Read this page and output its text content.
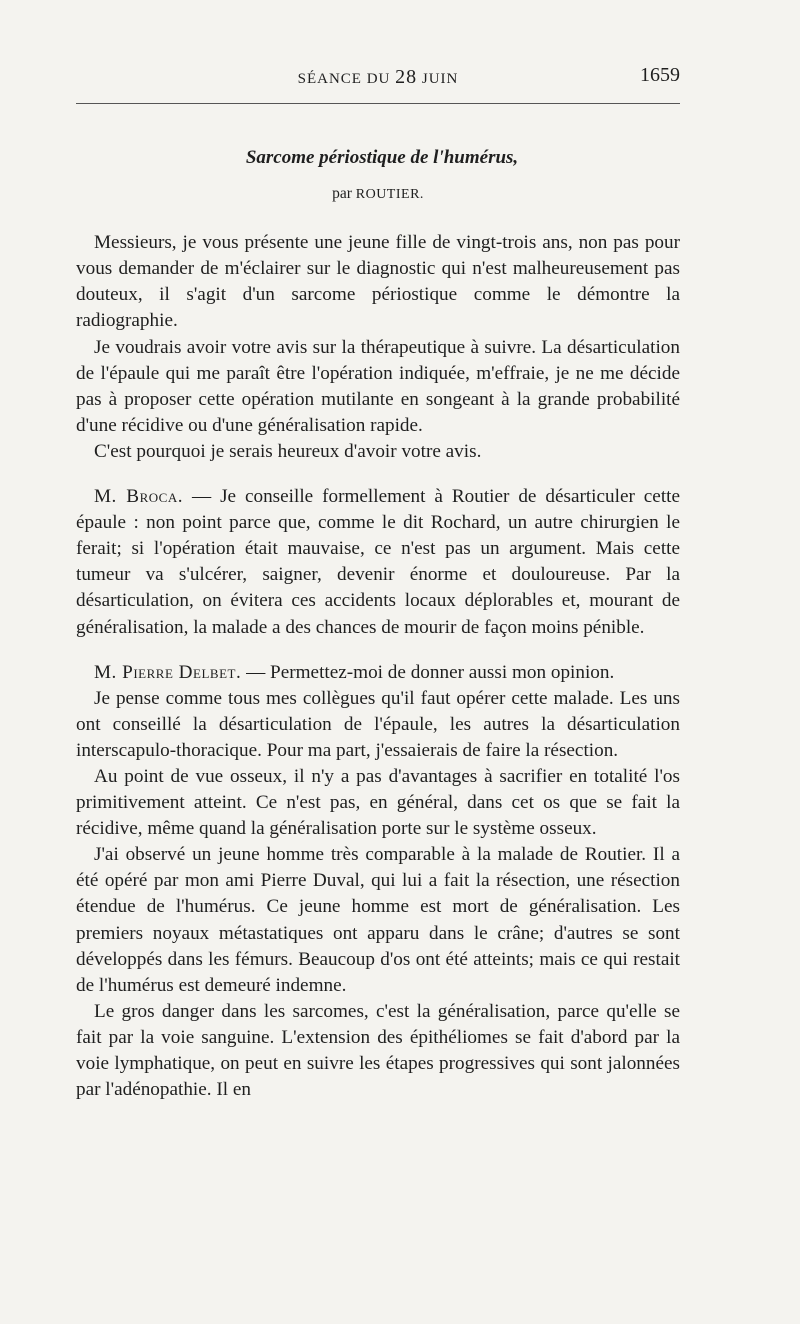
SÉANCE DU 28 JUIN	1659
Sarcome périostique de l'humérus,
par ROUTIER.

Messieurs, je vous présente une jeune fille de vingt-trois ans, non pas pour vous demander de m'éclairer sur le diagnostic qui n'est malheureusement pas douteux, il s'agit d'un sarcome périostique comme le démontre la radiographie.

Je voudrais avoir votre avis sur la thérapeutique à suivre. La désarticulation de l'épaule qui me paraît être l'opération indiquée, m'effraie, je ne me décide pas à proposer cette opération mutilante en songeant à la grande probabilité d'une récidive ou d'une généralisation rapide.

C'est pourquoi je serais heureux d'avoir votre avis.

M. Broca. — Je conseille formellement à Routier de désarticuler cette épaule : non point parce que, comme le dit Rochard, un autre chirurgien le ferait; si l'opération était mauvaise, ce n'est pas un argument. Mais cette tumeur va s'ulcérer, saigner, devenir énorme et douloureuse. Par la désarticulation, on évitera ces accidents locaux déplorables et, mourant de généralisation, la malade a des chances de mourir de façon moins pénible.

M. Pierre Delbet. — Permettez-moi de donner aussi mon opinion.

Je pense comme tous mes collègues qu'il faut opérer cette malade. Les uns ont conseillé la désarticulation de l'épaule, les autres la désarticulation interscapulo-thoracique. Pour ma part, j'essaierais de faire la résection.

Au point de vue osseux, il n'y a pas d'avantages à sacrifier en totalité l'os primitivement atteint. Ce n'est pas, en général, dans cet os que se fait la récidive, même quand la généralisation porte sur le système osseux.

J'ai observé un jeune homme très comparable à la malade de Routier. Il a été opéré par mon ami Pierre Duval, qui lui a fait la résection, une résection étendue de l'humérus. Ce jeune homme est mort de généralisation. Les premiers noyaux métastatiques ont apparu dans le crâne; d'autres se sont développés dans les fémurs. Beaucoup d'os ont été atteints; mais ce qui restait de l'humérus est demeuré indemne.

Le gros danger dans les sarcomes, c'est la généralisation, parce qu'elle se fait par la voie sanguine. L'extension des épithéliomes se fait d'abord par la voie lymphatique, on peut en suivre les étapes progressives qui sont jalonnées par l'adénopathie. Il en
